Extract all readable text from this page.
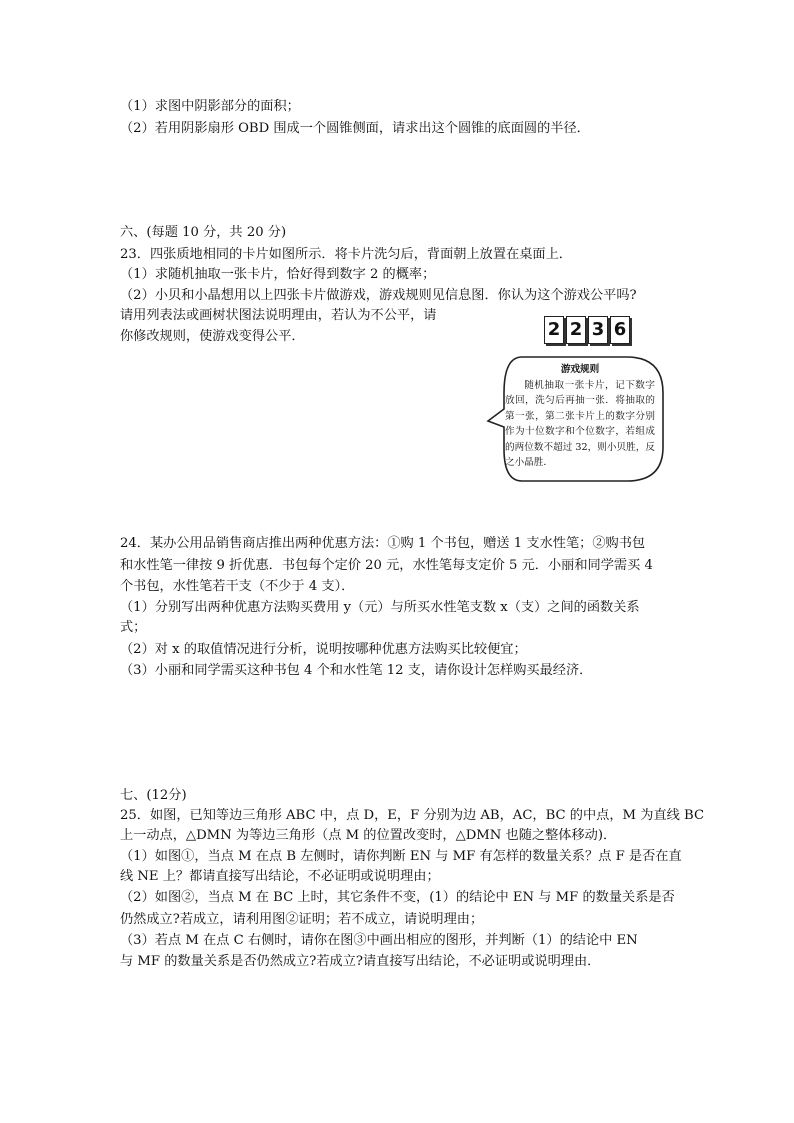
（1）求图中阴影部分的面积；
（2）若用阴影扇形 OBD 围成一个圆锥侧面，请求出这个圆锥的底面圆的半径．
六、(每题 10 分，共 20 分)
23．四张质地相同的卡片如图所示．将卡片洗匀后，背面朝上放置在桌面上．
（1）求随机抽取一张卡片，恰好得到数字 2 的概率；
（2）小贝和小晶想用以上四张卡片做游戏，游戏规则见信息图．你认为这个游戏公平吗?
请用列表法或画树状图法说明理由，若认为不公平，请
你修改规则，使游戏变得公平．	2 2 3 6
游戏规则
随机抽取一张卡片，记下数字放回，洗匀后再抽一张．将抽取的第一张，第二张卡片上的数字分别作为十位数字和个位数字，若组成的两位数不超过 32，则小贝胜，反之小晶胜．
24．某办公用品销售商店推出两种优惠方法：①购 1 个书包，赠送 1 支水性笔；②购书包
和水性笔一律按 9 折优惠．书包每个定价 20 元，水性笔每支定价 5 元．小丽和同学需买 4
个书包，水性笔若干支（不少于 4 支）．
（1）分别写出两种优惠方法购买费用 y（元）与所买水性笔支数 x（支）之间的函数关系
式；
（2）对 x 的取值情况进行分析，说明按哪种优惠方法购买比较便宜；
（3）小丽和同学需买这种书包 4 个和水性笔 12 支，请你设计怎样购买最经济．
七、(12分)
25．如图，已知等边三角形 ABC 中，点 D，E，F 分别为边 AB，AC，BC 的中点，M 为直线 BC
上一动点，△DMN 为等边三角形（点 M 的位置改变时，△DMN 也随之整体移动)．
（1）如图①，当点 M 在点 B 左侧时，请你判断 EN 与 MF 有怎样的数量关系？点 F 是否在直
线 NE 上？都请直接写出结论，不必证明或说明理由；
（2）如图②，当点 M 在 BC 上时，其它条件不变，(1）的结论中 EN 与 MF 的数量关系是否
仍然成立?若成立，请利用图②证明；若不成立，请说明理由；
（3）若点 M 在点 C 右侧时，请你在图③中画出相应的图形，并判断（1）的结论中 EN
与 MF 的数量关系是否仍然成立?若成立?请直接写出结论，不必证明或说明理由．
